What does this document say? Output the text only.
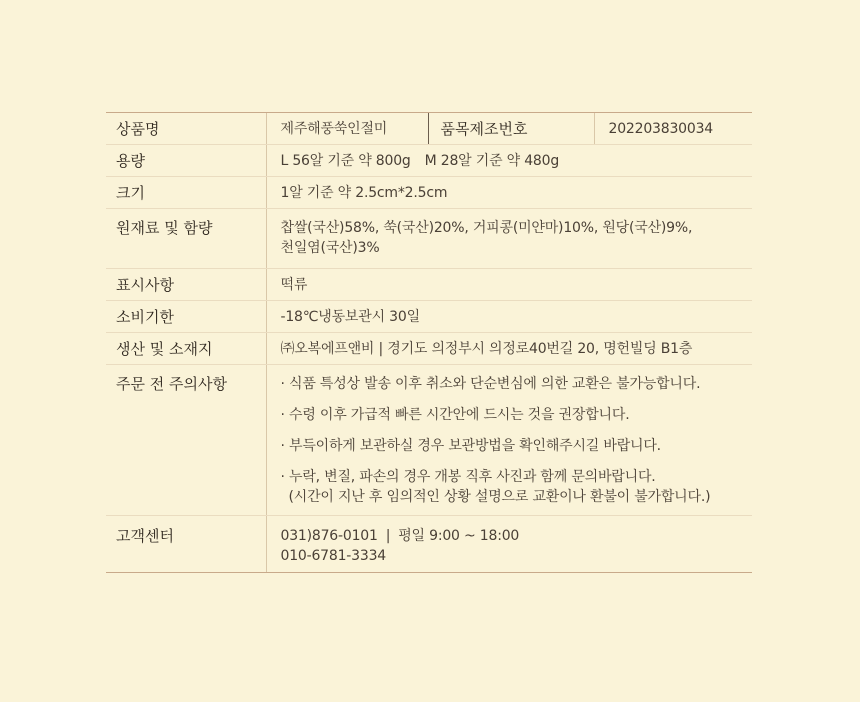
상품명	제주해풍쑥인절미	품목제조번호	202203830034
용량	L 56알 기준 약 800g M 28알 기준 약 480g		
크기	1알 기준 약 2.5cm*2.5cm		
원재료 및 함량	찹쌀(국산)58%, 쑥(국산)20%, 거피콩(미얀마)10%, 원당(국산)9%,
천일염(국산)3%		

표시사항	떡류		
소비기한	-18℃냉동보관시 30일		
생산 및 소재지	㈜오복에프앤비 | 경기도 의정부시 의정로40번길 20, 명헌빌딩 B1층		
주문 전 주의사항	· 식품 특성상 발송 이후 취소와 단순변심에 의한 교환은 불가능합니다.
· 수령 이후 가급적 빠른 시간안에 드시는 것을 권장합니다.
· 부득이하게 보관하실 경우 보관방법을 확인해주시길 바랍니다.
· 누락, 변질, 파손의 경우 개봉 직후 사진과 함께 문의바랍니다.
(시간이 지난 후 임의적인 상황 설명으로 교환이나 환불이 불가합니다.)		

고객센터	031)876-0101 | 평일 9:00 ~ 18:00
010-6781-3334		
